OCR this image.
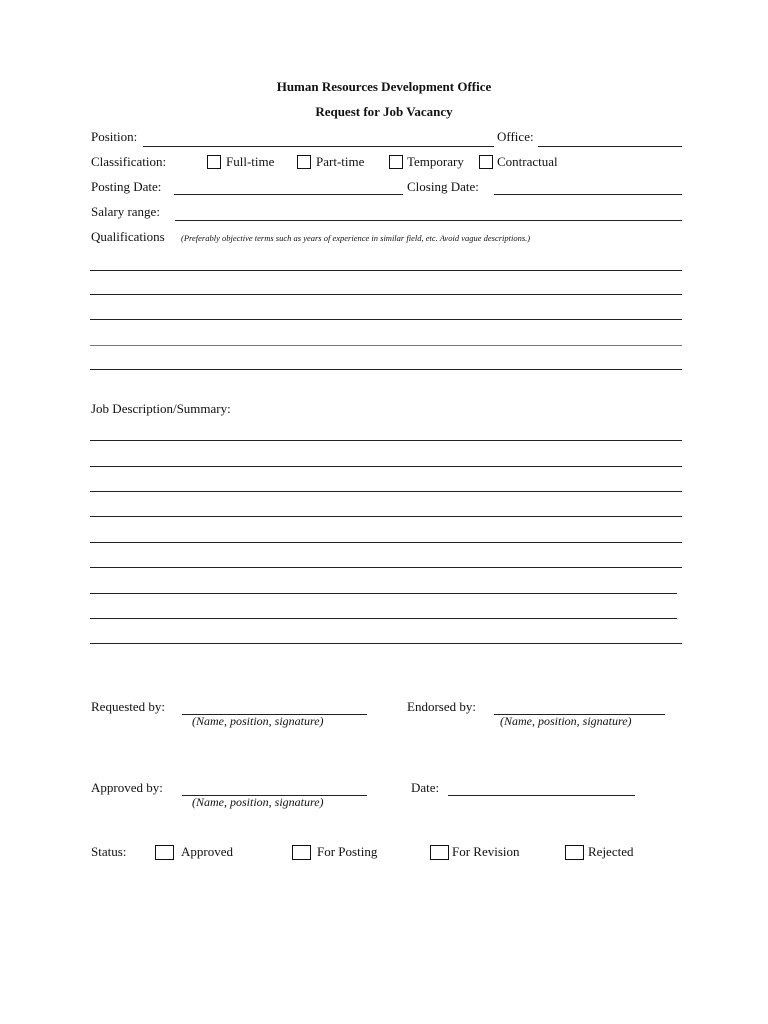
Human Resources Development Office
Request for Job Vacancy
Position:	Office:
Classification:	Full-time	Part-time	Temporary	Contractual
Posting Date:	Closing Date:
Salary range:
Qualifications (Preferably objective terms such as years of experience in similar field, etc. Avoid vague descriptions.)
Job Description/Summary:
Requested by:
(Name, position, signature)
Endorsed by:
(Name, position, signature)
Approved by:
(Name, position, signature)
Date:
Status:	Approved	For Posting	For Revision	Rejected
